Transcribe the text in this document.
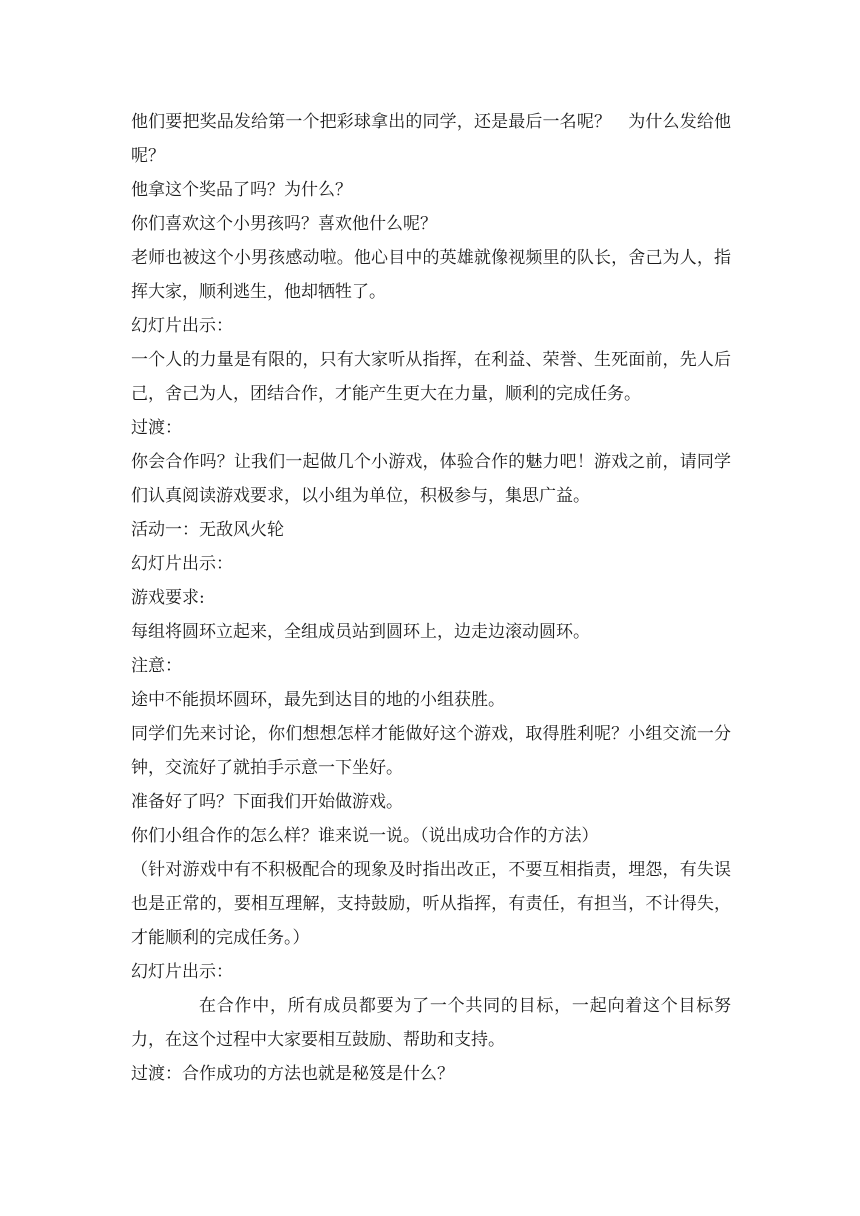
他们要把奖品发给第一个把彩球拿出的同学，还是最后一名呢？　为什么发给他呢？

他拿这个奖品了吗？为什么？

你们喜欢这个小男孩吗？喜欢他什么呢？

老师也被这个小男孩感动啦。他心目中的英雄就像视频里的队长，舍己为人，指挥大家，顺利逃生，他却牺牲了。

幻灯片出示：

一个人的力量是有限的，只有大家听从指挥，在利益、荣誉、生死面前，先人后己，舍己为人，团结合作，才能产生更大在力量，顺利的完成任务。

过渡：

你会合作吗？让我们一起做几个小游戏，体验合作的魅力吧！游戏之前，请同学们认真阅读游戏要求，以小组为单位，积极参与，集思广益。

活动一：无敌风火轮

幻灯片出示：

游戏要求:

每组将圆环立起来，全组成员站到圆环上，边走边滚动圆环。

注意：

途中不能损坏圆环，最先到达目的地的小组获胜。

同学们先来讨论，你们想想怎样才能做好这个游戏，取得胜利呢？小组交流一分钟，交流好了就拍手示意一下坐好。

准备好了吗？下面我们开始做游戏。

你们小组合作的怎么样？谁来说一说。（说出成功合作的方法）

（针对游戏中有不积极配合的现象及时指出改正，不要互相指责，埋怨，有失误也是正常的，要相互理解，支持鼓励，听从指挥，有责任，有担当，不计得失，才能顺利的完成任务。）

幻灯片出示：

在合作中，所有成员都要为了一个共同的目标，一起向着这个目标努力，在这个过程中大家要相互鼓励、帮助和支持。

过渡：合作成功的方法也就是秘笈是什么？
